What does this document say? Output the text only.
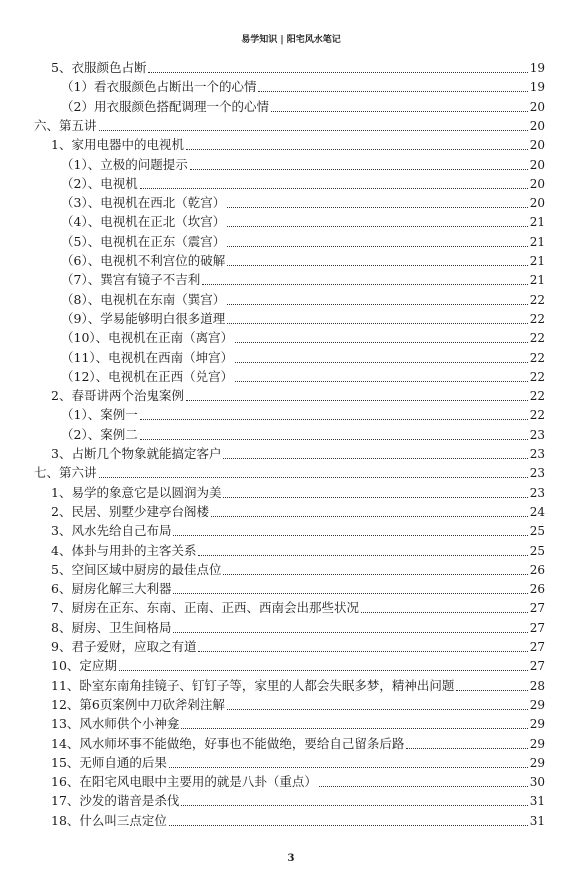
易学知识 | 阳宅风水笔记
5、衣服颜色占断	19
（1）看衣服颜色占断出一个的心情	19
（2）用衣服颜色搭配调理一个的心情	20
六、第五讲	20
1、家用电器中的电视机	20
（1）、立极的问题提示	20
（2）、电视机	20
（3）、电视机在西北（乾宫）	20
（4）、电视机在正北（坎宫）	21
（5）、电视机在正东（震宫）	21
（6）、电视机不利宫位的破解	21
（7）、巽宫有镜子不吉利	21
（8）、电视机在东南（巽宫）	22
（9）、学易能够明白很多道理	22
（10）、电视机在正南（离宫）	22
（11）、电视机在西南（坤宫）	22
（12）、电视机在正西（兑宫）	22
2、春哥讲两个治鬼案例	22
（1）、案例一	22
（2）、案例二	23
3、占断几个物象就能搞定客户	23
七、第六讲	23
1、易学的象意它是以圆润为美	23
2、民居、别墅少建亭台阁楼	24
3、风水先给自己布局	25
4、体卦与用卦的主客关系	25
5、空间区域中厨房的最佳点位	26
6、厨房化解三大利器	26
7、厨房在正东、东南、正南、正西、西南会出那些状况	27
8、厨房、卫生间格局	27
9、君子爱财，应取之有道	27
10、定应期	27
11、卧室东南角挂镜子、钉钉子等，家里的人都会失眠多梦，精神出问题	28
12、第6页案例中刀砍斧剁注解	29
13、风水师供个小神龛	29
14、风水师坏事不能做绝，好事也不能做绝，要给自己留条后路	29
15、无师自通的后果	29
16、在阳宅风电眼中主要用的就是八卦（重点）	30
17、沙发的谐音是杀伐	31
18、什么叫三点定位	31
3
